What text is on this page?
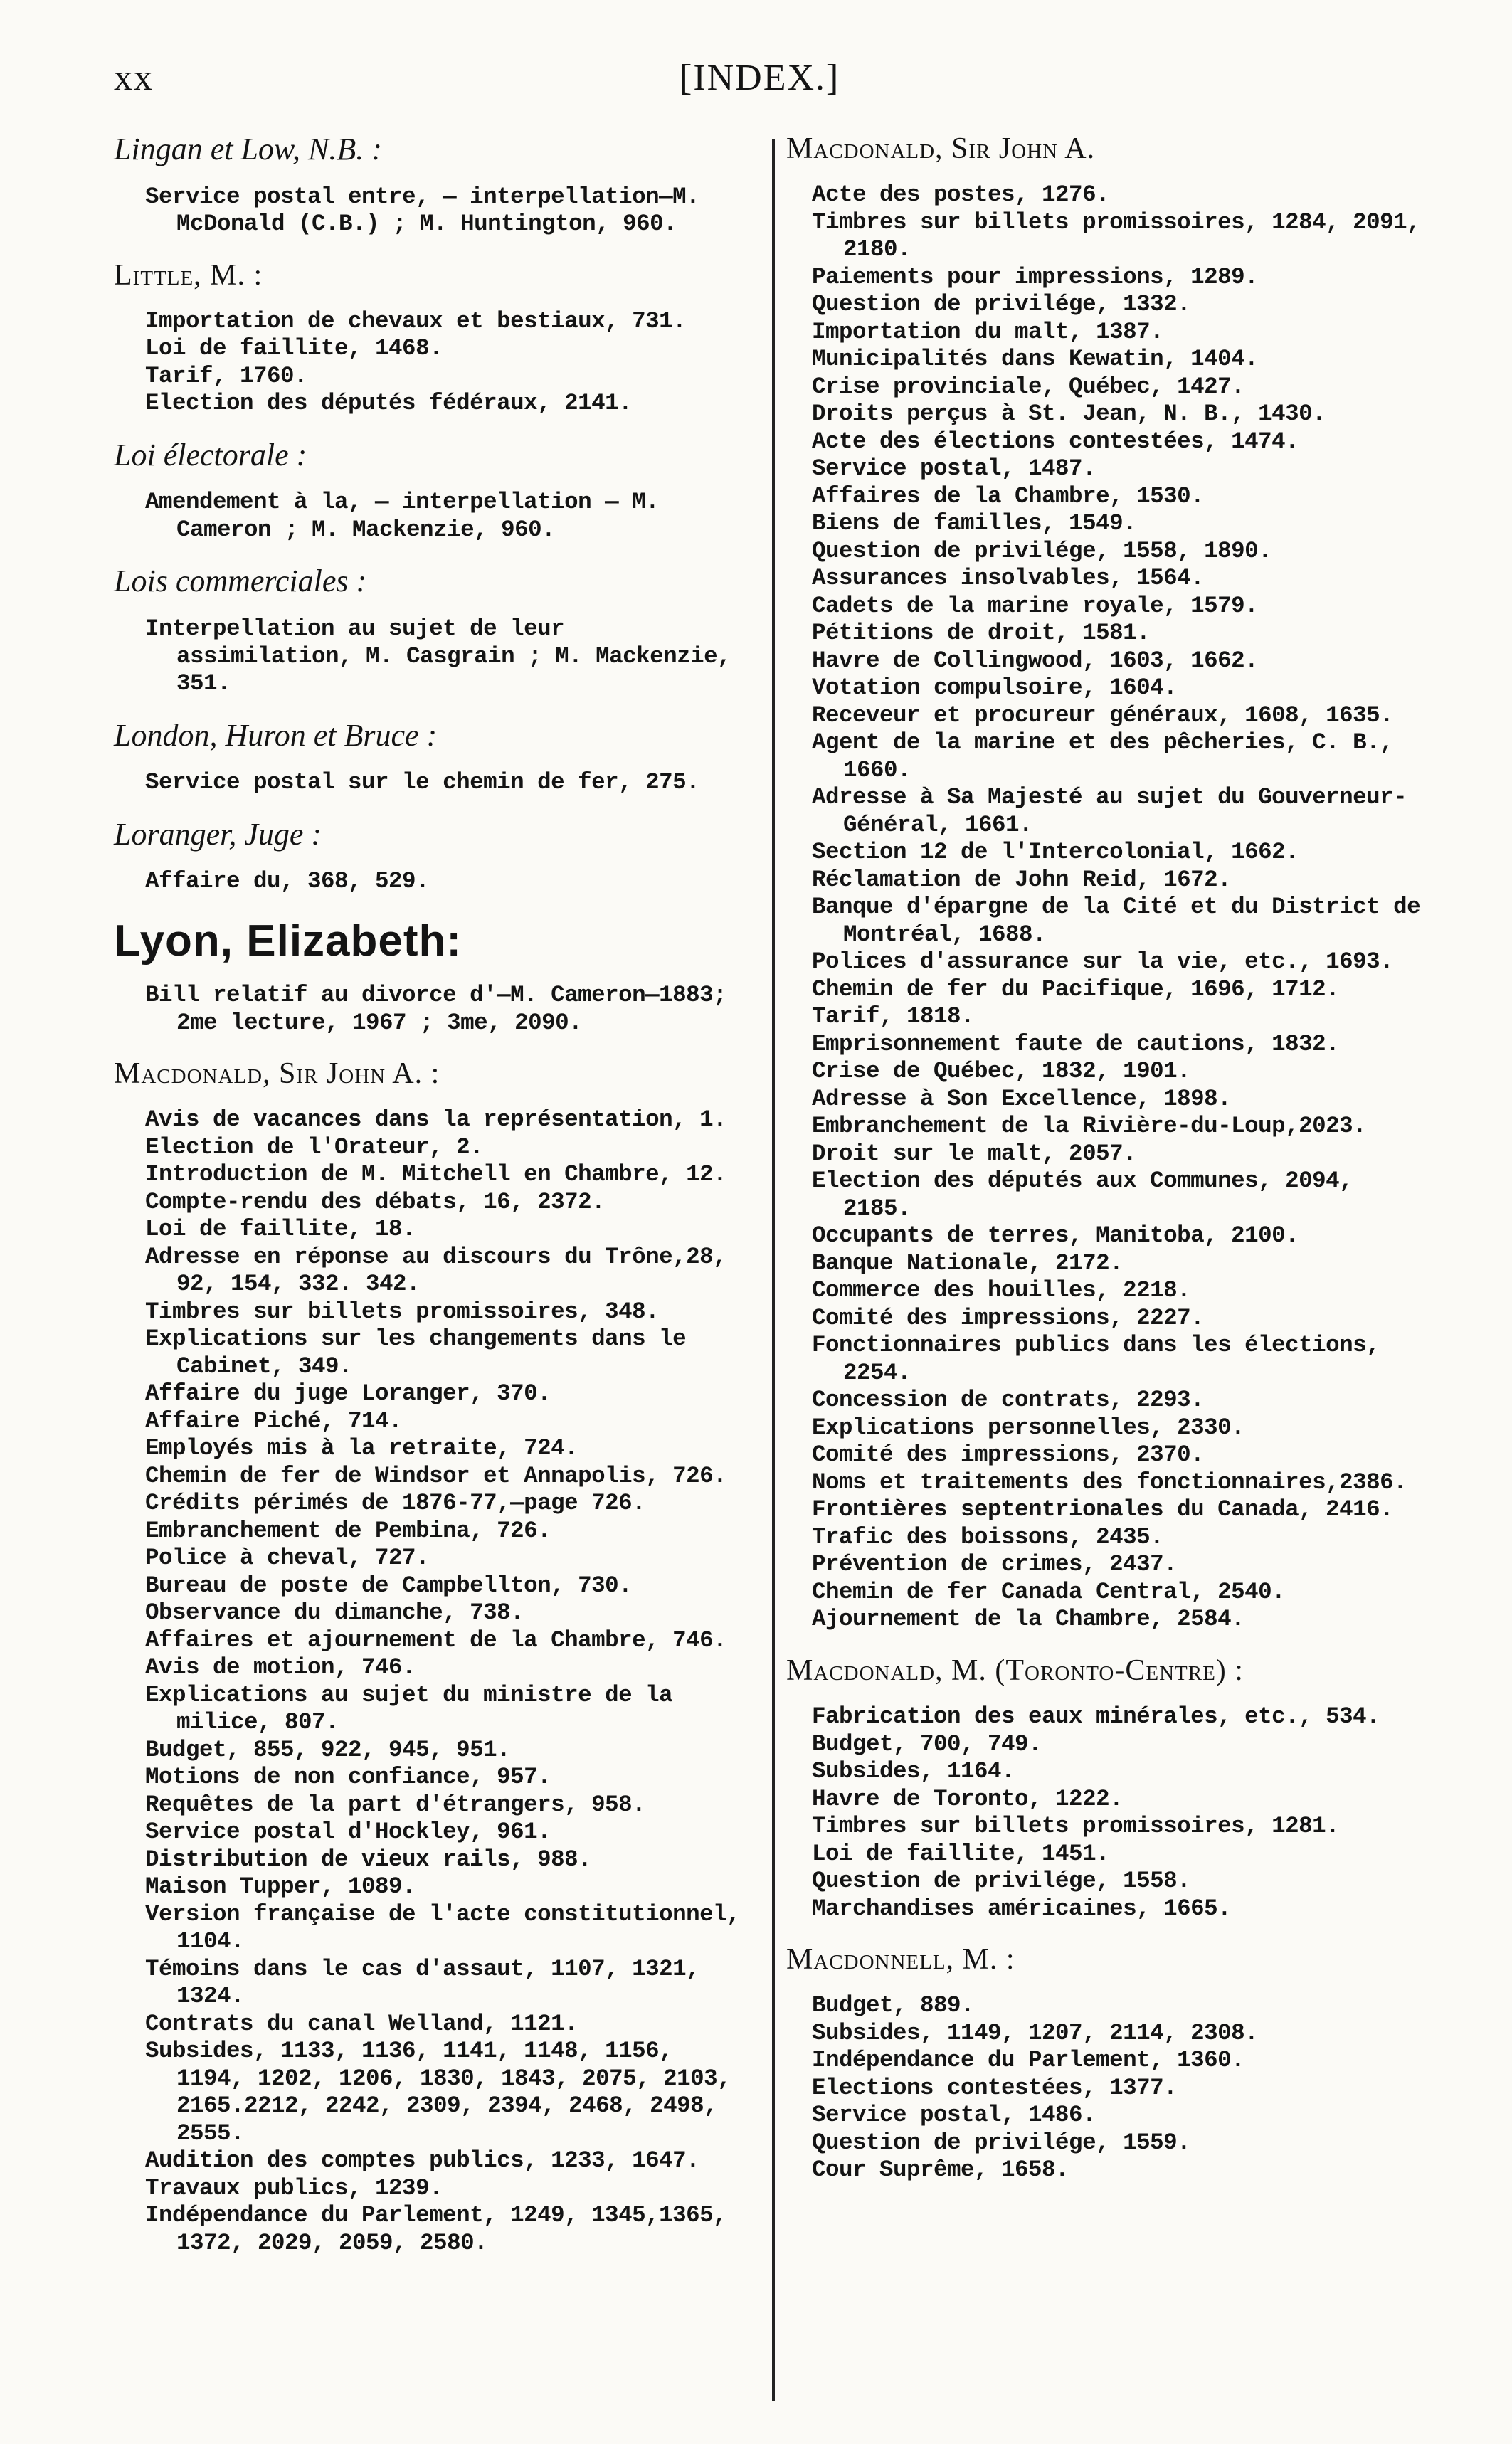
xx	[INDEX.]
Lingan et Low, N.B. :
Service postal entre, — interpellation—M. McDonald (C.B.) ; M. Huntington, 960.
Little, M. :
Importation de chevaux et bestiaux, 731.
Loi de faillite, 1468.
Tarif, 1760.
Election des députés fédéraux, 2141.
Loi électorale :
Amendement à la, — interpellation — M. Cameron ; M. Mackenzie, 960.
Lois commerciales :
Interpellation au sujet de leur assimilation, M. Casgrain ; M. Mackenzie, 351.
London, Huron et Bruce :
Service postal sur le chemin de fer, 275.
Loranger, Juge :
Affaire du, 368, 529.
Lyon, Elizabeth:
Bill relatif au divorce d'—M. Cameron—1883; 2me lecture, 1967 ; 3me, 2090.
Macdonald, Sir John A. :
Avis de vacances dans la représentation, 1.
Election de l'Orateur, 2.
Introduction de M. Mitchell en Chambre, 12.
Compte-rendu des débats, 16, 2372.
Loi de faillite, 18.
Adresse en réponse au discours du Trône,28, 92, 154, 332. 342.
Timbres sur billets promissoires, 348.
Explications sur les changements dans le Cabinet, 349.
Affaire du juge Loranger, 370.
Affaire Piché, 714.
Employés mis à la retraite, 724.
Chemin de fer de Windsor et Annapolis, 726.
Crédits périmés de 1876-77,—page 726.
Embranchement de Pembina, 726.
Police à cheval, 727.
Bureau de poste de Campbellton, 730.
Observance du dimanche, 738.
Affaires et ajournement de la Chambre, 746.
Avis de motion, 746.
Explications au sujet du ministre de la milice, 807.
Budget, 855, 922, 945, 951.
Motions de non confiance, 957.
Requêtes de la part d'étrangers, 958.
Service postal d'Hockley, 961.
Distribution de vieux rails, 988.
Maison Tupper, 1089.
Version française de l'acte constitutionnel, 1104.
Témoins dans le cas d'assaut, 1107, 1321, 1324.
Contrats du canal Welland, 1121.
Subsides, 1133, 1136, 1141, 1148, 1156, 1194, 1202, 1206, 1830, 1843, 2075, 2103, 2165.2212, 2242, 2309, 2394, 2468, 2498, 2555.
Audition des comptes publics, 1233, 1647.
Travaux publics, 1239.
Indépendance du Parlement, 1249, 1345,1365, 1372, 2029, 2059, 2580.
Macdonald, Sir John A.
Acte des postes, 1276.
Timbres sur billets promissoires, 1284, 2091, 2180.
Paiements pour impressions, 1289.
Question de privilége, 1332.
Importation du malt, 1387.
Municipalités dans Kewatin, 1404.
Crise provinciale, Québec, 1427.
Droits perçus à St. Jean, N. B., 1430.
Acte des élections contestées, 1474.
Service postal, 1487.
Affaires de la Chambre, 1530.
Biens de familles, 1549.
Question de privilége, 1558, 1890.
Assurances insolvables, 1564.
Cadets de la marine royale, 1579.
Pétitions de droit, 1581.
Havre de Collingwood, 1603, 1662.
Votation compulsoire, 1604.
Receveur et procureur généraux, 1608, 1635.
Agent de la marine et des pêcheries, C. B., 1660.
Adresse à Sa Majesté au sujet du Gouverneur-Général, 1661.
Section 12 de l'Intercolonial, 1662.
Réclamation de John Reid, 1672.
Banque d'épargne de la Cité et du District de Montréal, 1688.
Polices d'assurance sur la vie, etc., 1693.
Chemin de fer du Pacifique, 1696, 1712.
Tarif, 1818.
Emprisonnement faute de cautions, 1832.
Crise de Québec, 1832, 1901.
Adresse à Son Excellence, 1898.
Embranchement de la Rivière-du-Loup,2023.
Droit sur le malt, 2057.
Election des députés aux Communes, 2094, 2185.
Occupants de terres, Manitoba, 2100.
Banque Nationale, 2172.
Commerce des houilles, 2218.
Comité des impressions, 2227.
Fonctionnaires publics dans les élections, 2254.
Concession de contrats, 2293.
Explications personnelles, 2330.
Comité des impressions, 2370.
Noms et traitements des fonctionnaires,2386.
Frontières septentrionales du Canada, 2416.
Trafic des boissons, 2435.
Prévention de crimes, 2437.
Chemin de fer Canada Central, 2540.
Ajournement de la Chambre, 2584.
Macdonald, M. (Toronto-Centre) :
Fabrication des eaux minérales, etc., 534.
Budget, 700, 749.
Subsides, 1164.
Havre de Toronto, 1222.
Timbres sur billets promissoires, 1281.
Loi de faillite, 1451.
Question de privilége, 1558.
Marchandises américaines, 1665.
Macdonnell, M. :
Budget, 889.
Subsides, 1149, 1207, 2114, 2308.
Indépendance du Parlement, 1360.
Elections contestées, 1377.
Service postal, 1486.
Question de privilége, 1559.
Cour Suprême, 1658.
